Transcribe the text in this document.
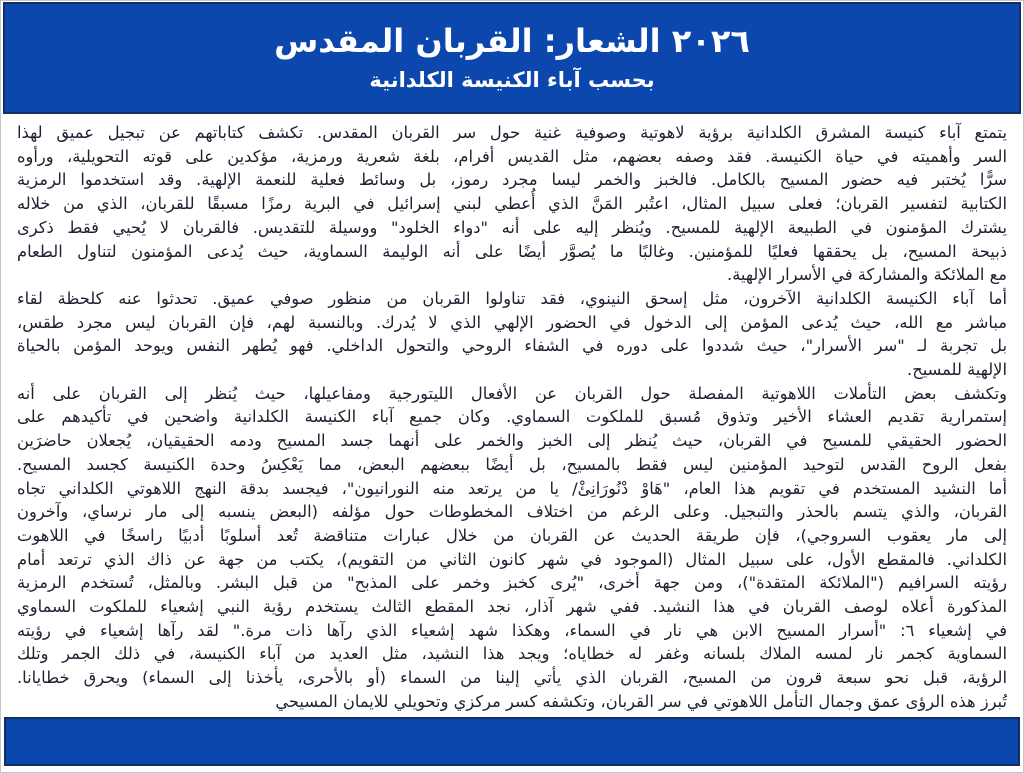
٢٠٢٦ الشعار: القربان المقدس
بحسب آباء الكنيسة الكلدانية
يتمتع آباء كنيسة المشرق الكلدانية برؤية لاهوتية وصوفية غنية حول سر القربان المقدس. تكشف كتاباتهم عن تبجيل عميق لهذا
السر وأهميته في حياة الكنيسة. فقد وصفه بعضهم، مثل القديس أفرام، بلغة شعرية ورمزية، مؤكدين على قوته التحويلية، ورأوه
سرًّا يُختبر فيه حضور المسيح بالكامل. فالخبز والخمر ليسا مجرد رموز، بل وسائط فعلية للنعمة الإلهية. وقد استخدموا الرمزية
الكتابية لتفسير القربان؛ فعلى سبيل المثال، اعتُبر المَنَّ الذي أُعطي لبني إسرائيل في البرية رمزًا مسبقًا للقربان، الذي من خلاله
يشترك المؤمنون في الطبيعة الإلهية للمسيح. ويُنظر إليه على أنه "دواء الخلود" ووسيلة للتقديس. فالقربان لا يُحيي فقط ذكرى
ذبيحة المسيح، بل يحققها فعليًا للمؤمنين. وغالبًا ما يُصوَّر أيضًا على أنه الوليمة السماوية، حيث يُدعى المؤمنون لتناول الطعام
مع الملائكة والمشاركة في الأسرار الإلهية.
أما آباء الكنيسة الكلدانية الآخرون، مثل إسحق النينوي، فقد تناولوا القربان من منظور صوفي عميق. تحدثوا عنه كلحظة لقاء
مباشر مع الله، حيث يُدعى المؤمن إلى الدخول في الحضور الإلهي الذي لا يُدرك. وبالنسبة لهم، فإن القربان ليس مجرد طقس،
بل تجربة لـ "سر الأسرار"، حيث شددوا على دوره في الشفاء الروحي والتحول الداخلي. فهو يُطهر النفس ويوحد المؤمن بالحياة
الإلهية للمسيح.
وتكشف بعض التأملات اللاهوتية المفصلة حول القربان عن الأفعال الليتورجية ومفاعيلها، حيث يُنظر إلى القربان على أنه
إستمرارية تقديم العشاء الأخير وتذوق مُسبق للملكوت السماوي. وكان جميع آباء الكنيسة الكلدانية واضحين في تأكيدهم على
الحضور الحقيقي للمسيح في القربان، حيث يُنظر إلى الخبز والخمر على أنهما جسد المسيح ودمه الحقيقيان، يُجعلان حاضرَين
بفعل الروح القدس لتوحيد المؤمنين ليس فقط بالمسيح، بل أيضًا ببعضهم البعض، مما يَعْكِسُ وحدة الكنيسة كجسد المسيح.
أما النشيد المستخدم في تقويم هذا العام، "هَاوْ دْنُورَانِئْ/ يا من يرتعد منه النورانيون"، فيجسد بدقة النهج اللاهوتي الكلداني تجاه
القربان، والذي يتسم بالحذر والتبجيل. وعلى الرغم من اختلاف المخطوطات حول مؤلفه (البعض ينسبه إلى مار نرساي، وآخرون
إلى مار يعقوب السروجي)، فإن طريقة الحديث عن القربان من خلال عبارات متناقضة تُعد أسلوبًا أدبيًا راسخًا في اللاهوت
الكلداني. فالمقطع الأول، على سبيل المثال (الموجود في شهر كانون الثاني من التقويم)، يكتب من جهة عن ذاك الذي ترتعد أمام
رؤيته السرافيم ("الملائكة المتقدة")، ومن جهة أخرى، "يُرى كخبز وخمر على المذبح" من قبل البشر. وبالمثل، تُستخدم الرمزية
المذكورة أعلاه لوصف القربان في هذا النشيد. ففي شهر آذار، نجد المقطع الثالث يستخدم رؤية النبي إشعياء للملكوت السماوي
في إشعياء ٦: "أسرار المسيح الابن هي نار في السماء، وهكذا شهد إشعياء الذي رآها ذات مرة." لقد رآها إشعياء في رؤيته
السماوية كجمر نار لمسه الملاك بلسانه وغفر له خطاياه؛ ويجد هذا النشيد، مثل العديد من آباء الكنيسة، في ذلك الجمر وتلك
الرؤية، قبل نحو سبعة قرون من المسيح، القربان الذي يأتي إلينا من السماء (أو بالأحرى، يأخذنا إلى السماء) ويحرق خطايانا.
تُبرز هذه الرؤى عمق وجمال التأمل اللاهوتي في سر القربان، وتكشفه كسر مركزي وتحويلي للايمان المسيحي
